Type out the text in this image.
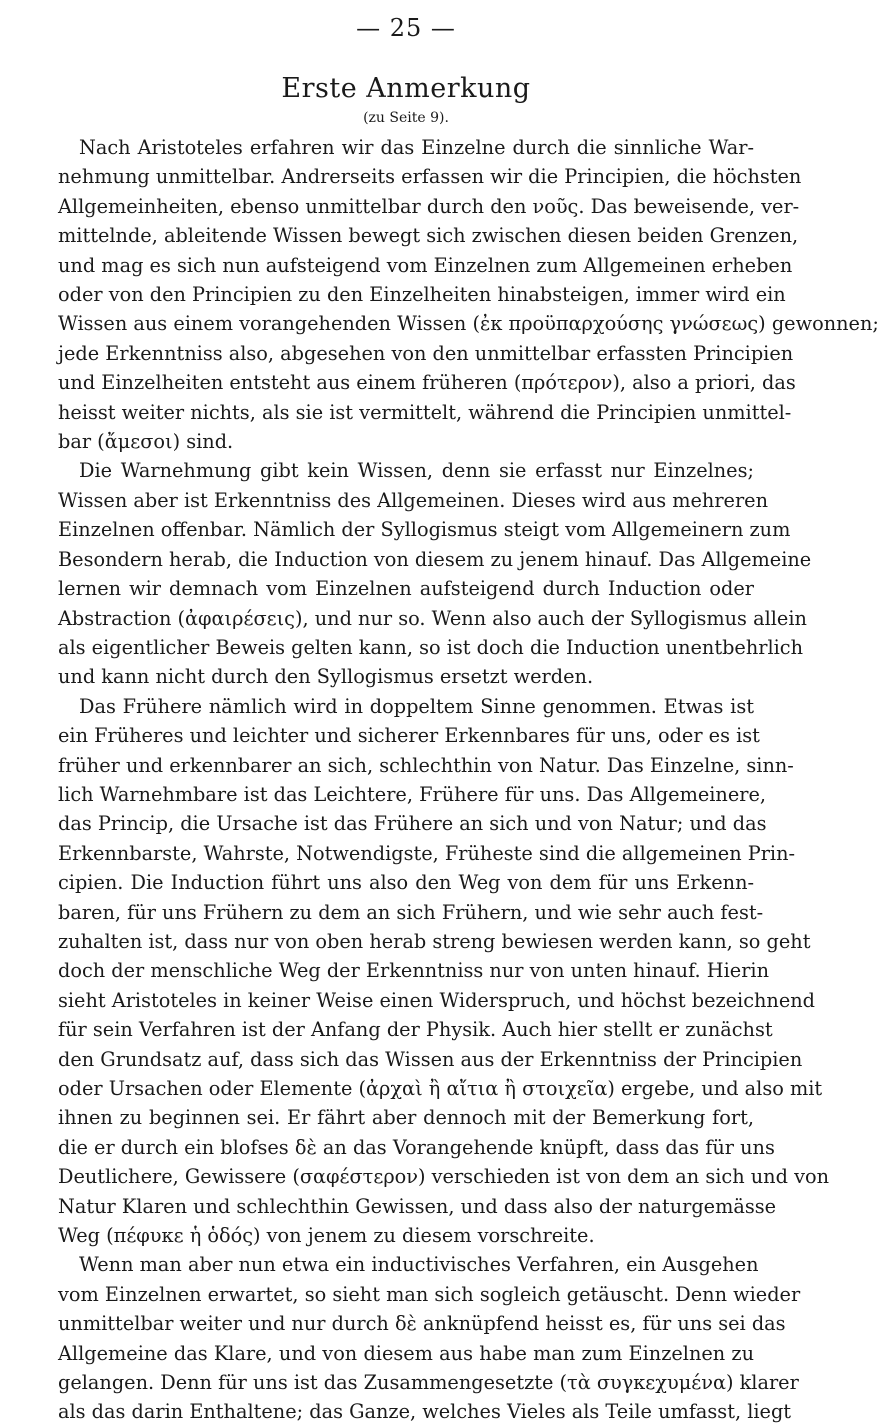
— 25 —
Erste Anmerkung
(zu Seite 9).

Nach Aristoteles erfahren wir das Einzelne durch die sinnliche War-
nehmung unmittelbar. Andrerseits erfassen wir die Principien, die höchsten
Allgemeinheiten, ebenso unmittelbar durch den νοῦς. Das beweisende, ver-
mittelnde, ableitende Wissen bewegt sich zwischen diesen beiden Grenzen,
und mag es sich nun aufsteigend vom Einzelnen zum Allgemeinen erheben
oder von den Principien zu den Einzelheiten hinabsteigen, immer wird ein
Wissen aus einem vorangehenden Wissen (ἐκ προϋπαρχούσης γνώσεως) gewonnen;
jede Erkenntniss also, abgesehen von den unmittelbar erfassten Principien
und Einzelheiten entsteht aus einem früheren (πρότερον), also a priori, das
heisst weiter nichts, als sie ist vermittelt, während die Principien unmittel-
bar (ἄμεσοι) sind.

Die Warnehmung gibt kein Wissen, denn sie erfasst nur Einzelnes;
Wissen aber ist Erkenntniss des Allgemeinen. Dieses wird aus mehreren
Einzelnen offenbar. Nämlich der Syllogismus steigt vom Allgemeinern zum
Besondern herab, die Induction von diesem zu jenem hinauf. Das Allgemeine
lernen wir demnach vom Einzelnen aufsteigend durch Induction oder
Abstraction (ἀφαιρέσεις), und nur so. Wenn also auch der Syllogismus allein
als eigentlicher Beweis gelten kann, so ist doch die Induction unentbehrlich
und kann nicht durch den Syllogismus ersetzt werden.

Das Frühere nämlich wird in doppeltem Sinne genommen. Etwas ist
ein Früheres und leichter und sicherer Erkennbares für uns, oder es ist
früher und erkennbarer an sich, schlechthin von Natur. Das Einzelne, sinn-
lich Warnehmbare ist das Leichtere, Frühere für uns. Das Allgemeinere,
das Princip, die Ursache ist das Frühere an sich und von Natur; und das
Erkennbarste, Wahrste, Notwendigste, Früheste sind die allgemeinen Prin-
cipien. Die Induction führt uns also den Weg von dem für uns Erkenn-
baren, für uns Frühern zu dem an sich Frühern, und wie sehr auch fest-
zuhalten ist, dass nur von oben herab streng bewiesen werden kann, so geht
doch der menschliche Weg der Erkenntniss nur von unten hinauf. Hierin
sieht Aristoteles in keiner Weise einen Widerspruch, und höchst bezeichnend
für sein Verfahren ist der Anfang der Physik. Auch hier stellt er zunächst
den Grundsatz auf, dass sich das Wissen aus der Erkenntniss der Principien
oder Ursachen oder Elemente (ἀρχαὶ ἢ αἴτια ἢ στοιχεῖα) ergebe, und also mit
ihnen zu beginnen sei. Er fährt aber dennoch mit der Bemerkung fort,
die er durch ein blofses δὲ an das Vorangehende knüpft, dass das für uns
Deutlichere, Gewissere (σαφέστερον) verschieden ist von dem an sich und von
Natur Klaren und schlechthin Gewissen, und dass also der naturgemässe
Weg (πέφυκε ἡ ὁδός) von jenem zu diesem vorschreite.

Wenn man aber nun etwa ein inductivisches Verfahren, ein Ausgehen
vom Einzelnen erwartet, so sieht man sich sogleich getäuscht. Denn wieder
unmittelbar weiter und nur durch δὲ anknüpfend heisst es, für uns sei das
Allgemeine das Klare, und von diesem aus habe man zum Einzelnen zu
gelangen. Denn für uns ist das Zusammengesetzte (τὰ συγκεχυμένα) klarer
als das darin Enthaltene; das Ganze, welches Vieles als Teile umfasst, liegt
